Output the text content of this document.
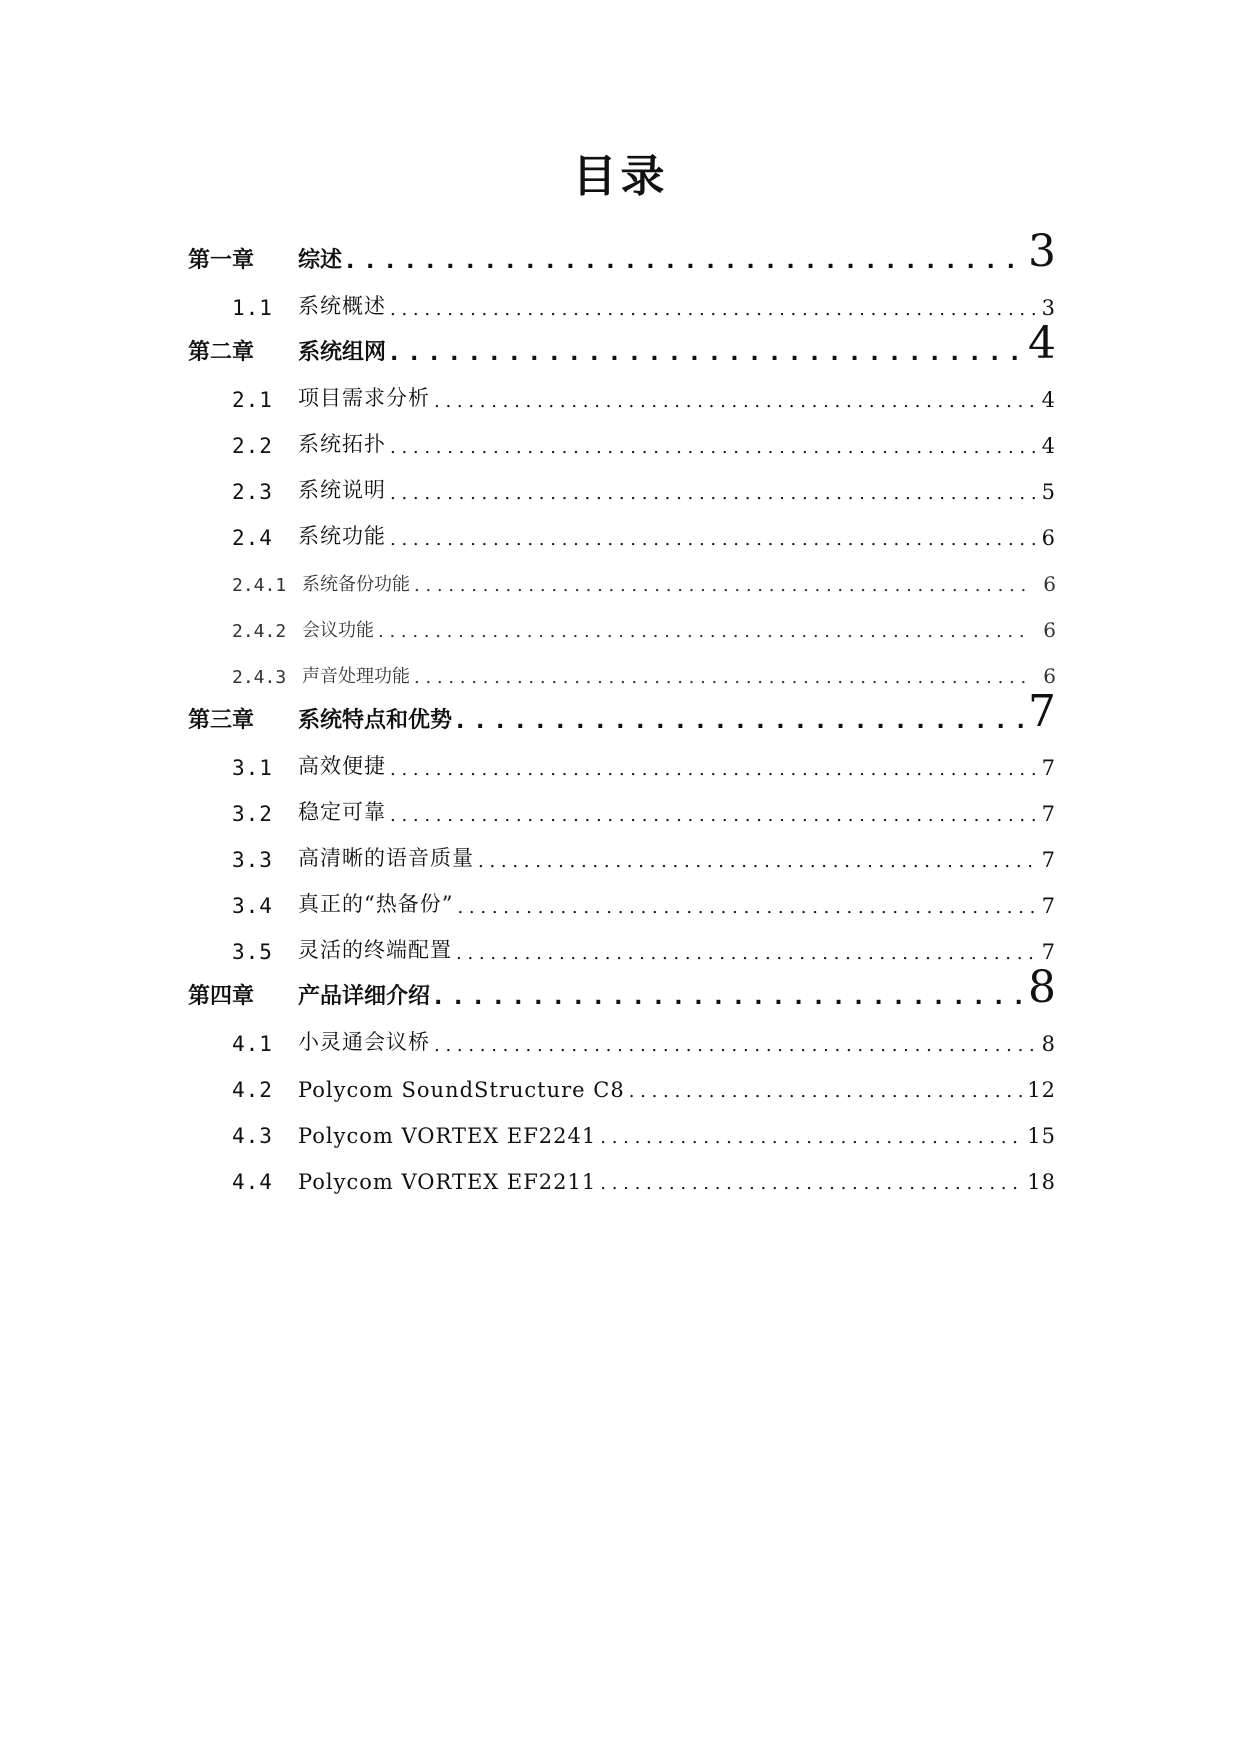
目录
第一章	综述 . . .	3
1.1	系统概述 . . .	3
第二章	系统组网 . . .	4
2.1	项目需求分析 . . .	4
2.2	系统拓扑 . . .	4
2.3	系统说明 . . .	5
2.4	系统功能 . . .	6
2.4.1 系统备份功能 . . .	6
2.4.2 会议功能 . . .	6
2.4.3 声音处理功能 . . .	6
第三章	系统特点和优势 . . .	7
3.1	高效便捷 . . .	7
3.2	稳定可靠 . . .	7
3.3	高清晰的语音质量 . . .	7
3.4	真正的“热备份” . . .	7
3.5	灵活的终端配置 . . .	7
第四章	产品详细介绍 . . .	8
4.1	小灵通会议桥 . . .	8
4.2	Polycom SoundStructure C8 . . .	12
4.3	Polycom VORTEX EF2241 . . .	15
4.4	Polycom VORTEX EF2211 . . .	18
